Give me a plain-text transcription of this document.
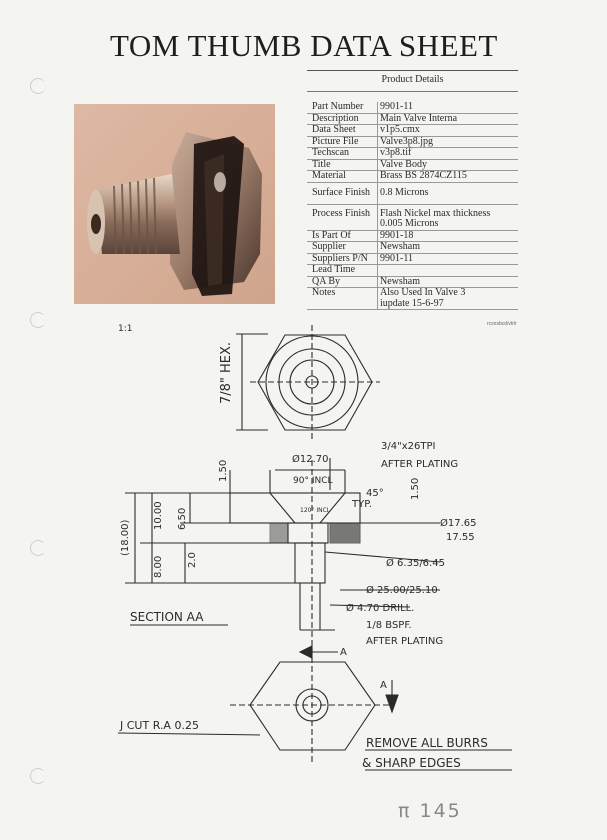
TOM THUMB DATA SHEET
Product Details
Part Number	9901-11
Description	Main Valve Interna
Data Sheet	v1p5.cmx
Picture File	Valve3p8.jpg
Techscan	v3p8.tif
Title	Valve Body
Material	Brass BS 2874CZ115
Surface Finish	0.8 Microns
Process Finish	Flash Nickel max thickness
0.005 Microns

Is Part Of	9901-18
Supplier	Newsham
Suppliers P/N	9901-11
Lead Time	
QA By	Newsham
Notes	Also Used In Valve 3
iupdate 15-6-97
rcsnsbcd/vtrlr
1:1
7/8" HEX.
3/4"x26TPI
AFTER PLATING
Ø12.70
1.50	90° INCL
45°
TYP.
1.50
120° INCL
Ø17.65
17.55
6.50
10.00
(18.00)
8.00 2.0	Ø 6.35/6.45
Ø 25.00/25.10
Ø 4.70 DRILL.
1/8 BSPF.
AFTER PLATING
SECTION AA
A
A
J CUT R.A 0.25
REMOVE ALL BURRS
& SHARP EDGES
π 145
